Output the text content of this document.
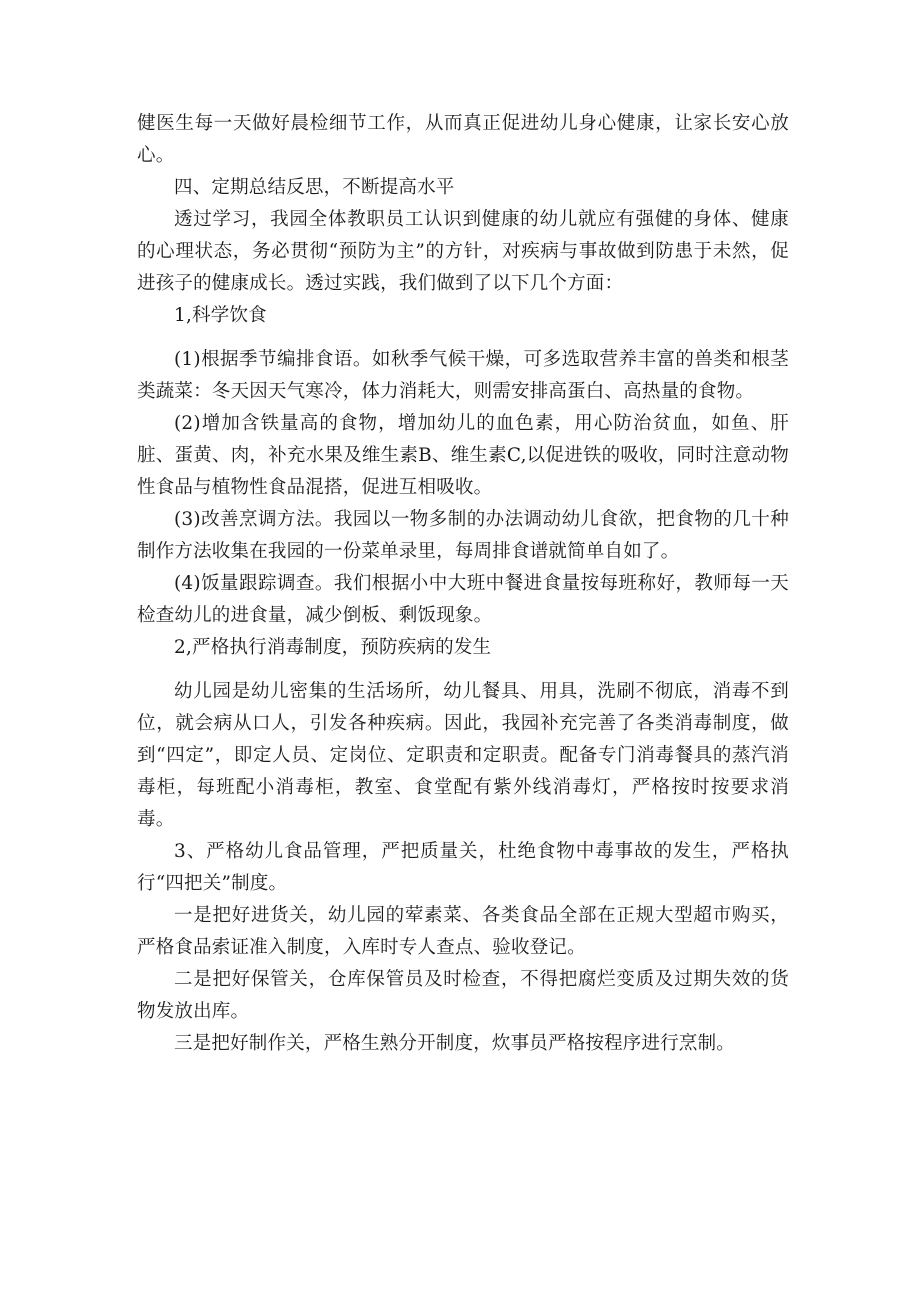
健医生每一天做好晨检细节工作，从而真正促进幼儿身心健康，让家长安心放心。

四、定期总结反思，不断提高水平

透过学习，我园全体教职员工认识到健康的幼儿就应有强健的身体、健康的心理状态，务必贯彻“预防为主”的方针，对疾病与事故做到防患于未然，促进孩子的健康成长。透过实践，我们做到了以下几个方面：

1,科学饮食

(1)根据季节编排食语。如秋季气候干燥，可多选取营养丰富的兽类和根茎类蔬菜：冬天因天气寒冷，体力消耗大，则需安排高蛋白、高热量的食物。

(2)增加含铁量高的食物，增加幼儿的血色素，用心防治贫血，如鱼、肝脏、蛋黄、肉，补充水果及维生素B、维生素C,以促进铁的吸收，同时注意动物性食品与植物性食品混搭，促进互相吸收。

(3)改善烹调方法。我园以一物多制的办法调动幼儿食欲，把食物的几十种制作方法收集在我园的一份菜单录里，每周排食谱就简单自如了。

(4)饭量跟踪调查。我们根据小中大班中餐进食量按每班称好，教师每一天检查幼儿的进食量，减少倒板、剩饭现象。

2,严格执行消毒制度，预防疾病的发生

幼儿园是幼儿密集的生活场所，幼儿餐具、用具，洗刷不彻底，消毒不到位，就会病从口人，引发各种疾病。因此，我园补充完善了各类消毒制度，做到“四定”，即定人员、定岗位、定职责和定职责。配备专门消毒餐具的蒸汽消毒柜，每班配小消毒柜，教室、食堂配有紫外线消毒灯，严格按时按要求消毒。

3、严格幼儿食品管理，严把质量关，杜绝食物中毒事故的发生，严格执行“四把关”制度。

一是把好进货关，幼儿园的荤素菜、各类食品全部在正规大型超市购买，严格食品索证准入制度，入库时专人查点、验收登记。

二是把好保管关，仓库保管员及时检查，不得把腐烂变质及过期失效的货物发放出库。

三是把好制作关，严格生熟分开制度，炊事员严格按程序进行烹制。
